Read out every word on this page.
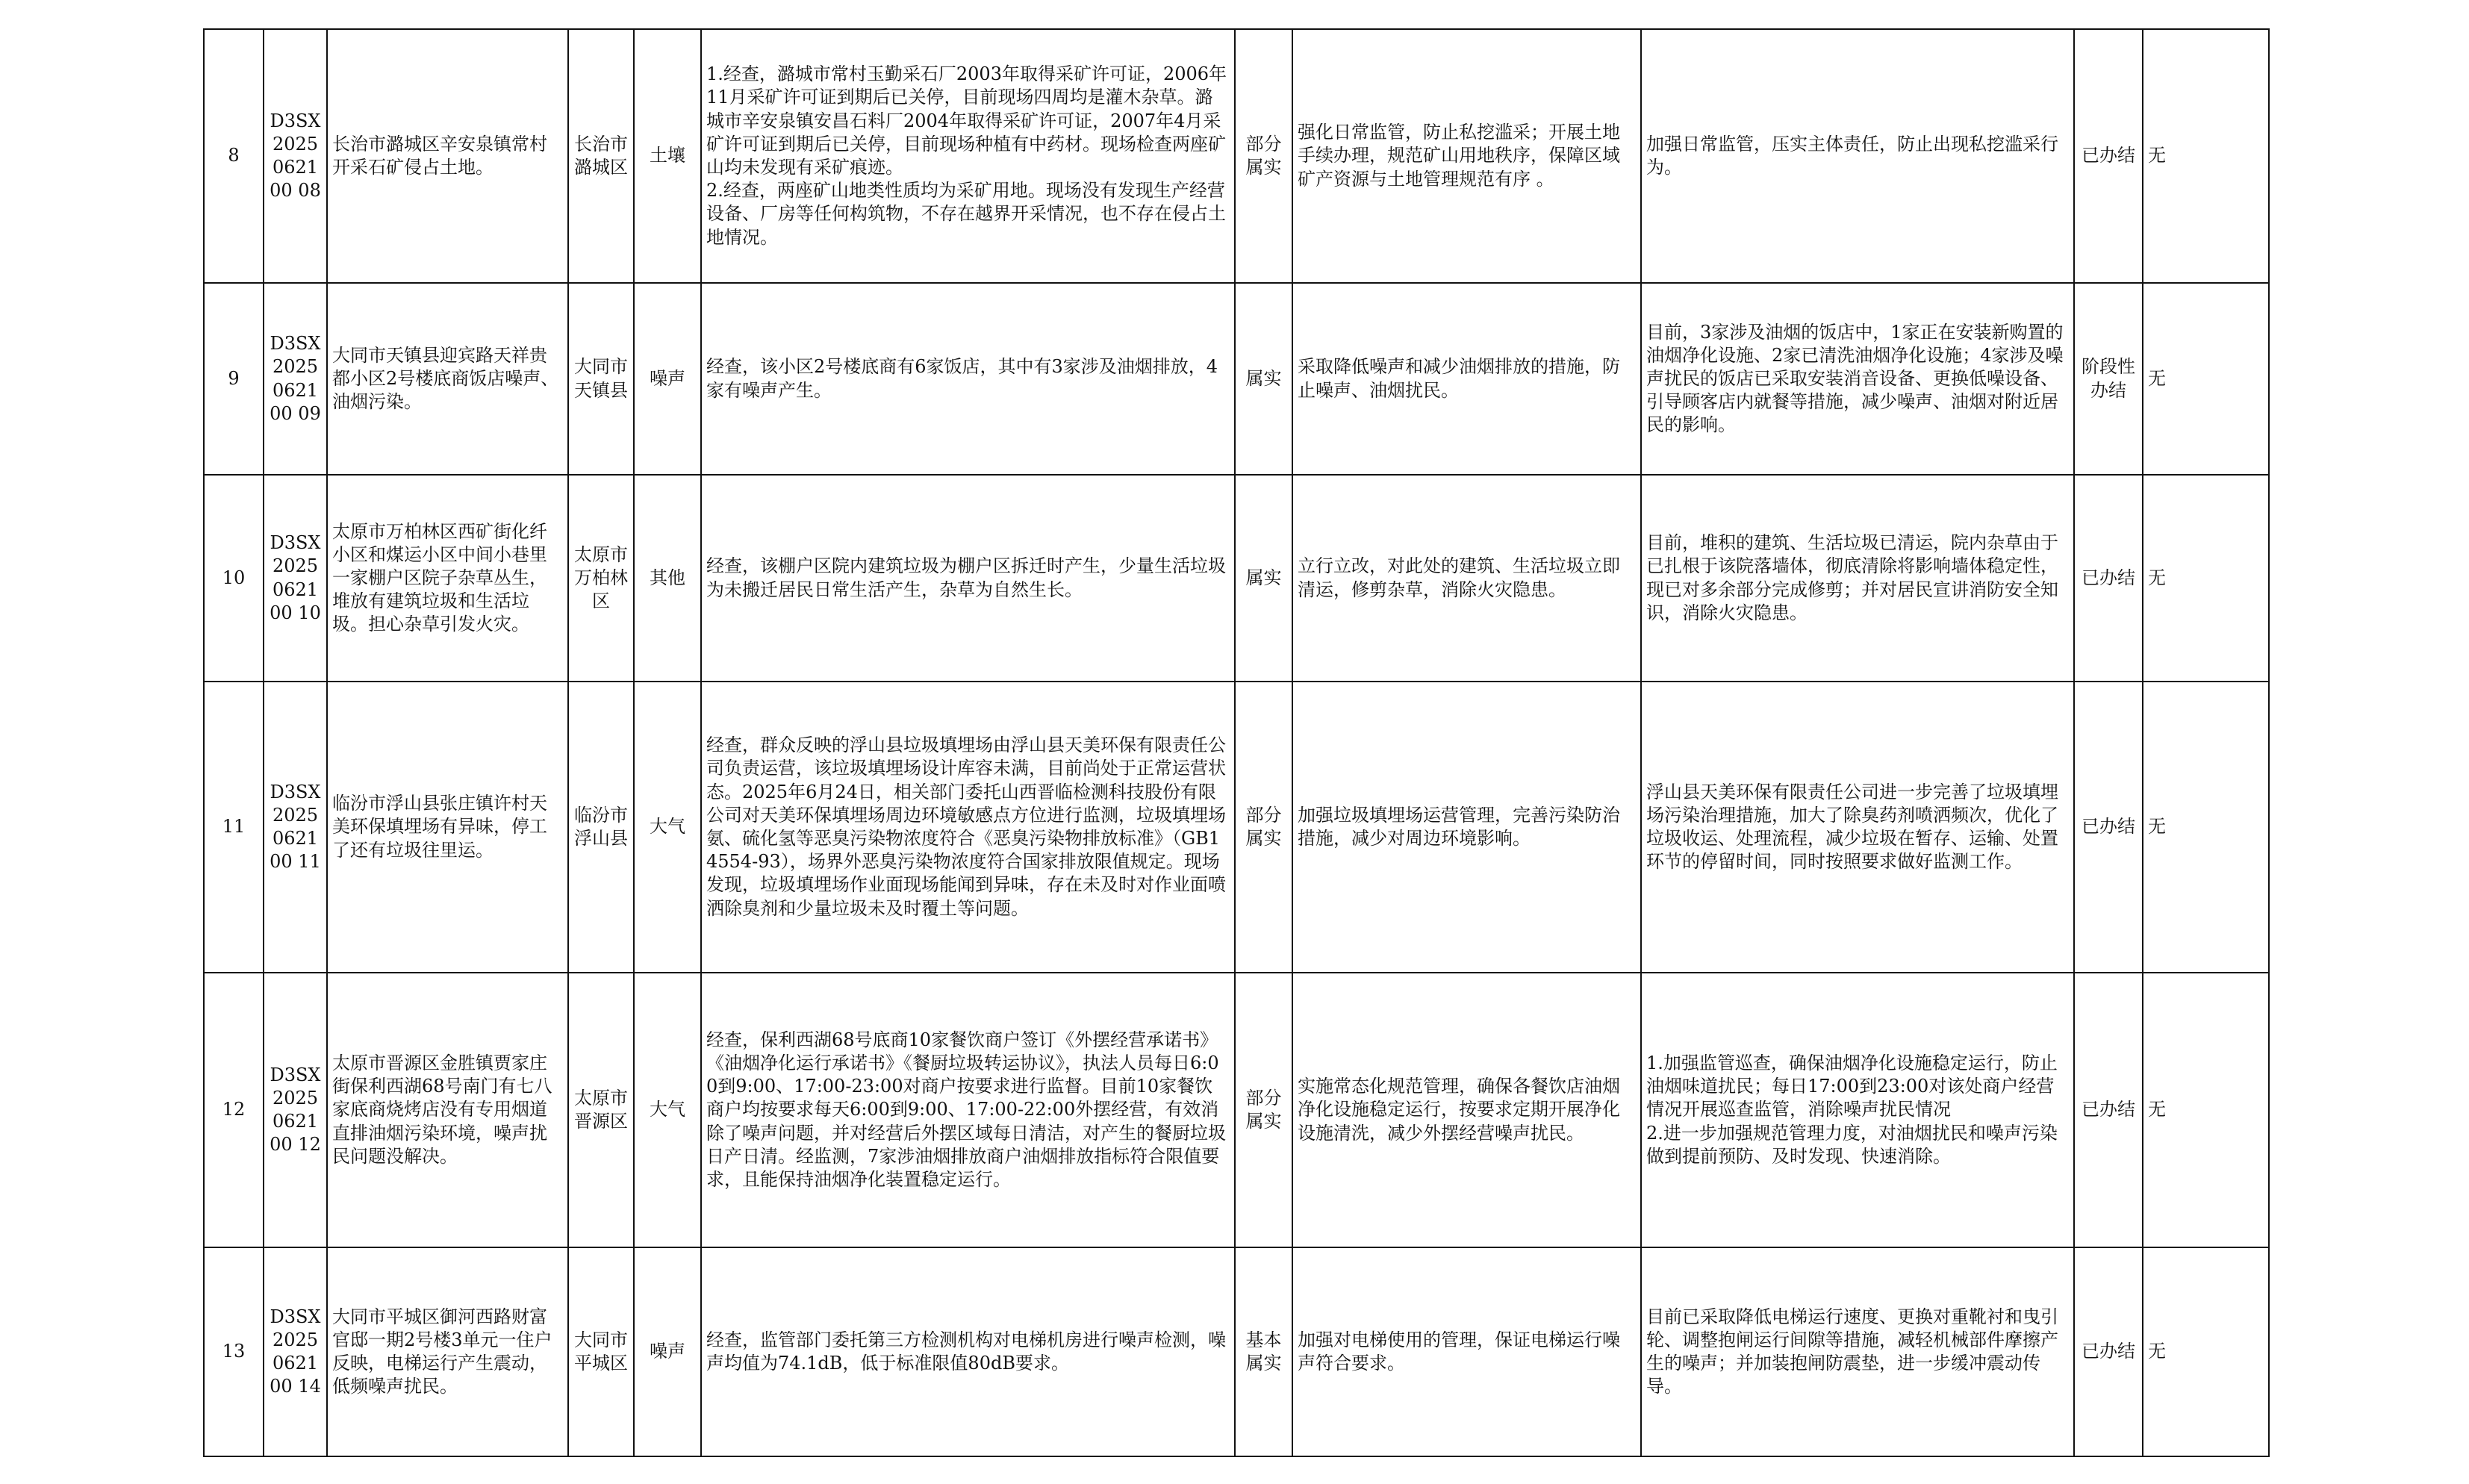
8	D3SX2025062100 08	长治市潞城区辛安泉镇常村开采石矿侵占土地。	长治市潞城区	土壤	1.经查，潞城市常村玉勤采石厂2003年取得采矿许可证，2006年11月采矿许可证到期后已关停，目前现场四周均是灌木杂草。潞城市辛安泉镇安昌石料厂2004年取得采矿许可证，2007年4月采矿许可证到期后已关停，目前现场种植有中药材。现场检查两座矿山均未发现有采矿痕迹。
2.经查，两座矿山地类性质均为采矿用地。现场没有发现生产经营设备、厂房等任何构筑物，不存在越界开采情况，也不存在侵占土地情况。	部分属实	强化日常监管，防止私挖滥采；开展土地手续办理，规范矿山用地秩序，保障区域矿产资源与土地管理规范有序 。	加强日常监管，压实主体责任，防止出现私挖滥采行为。	已办结	无
9	D3SX2025062100 09	大同市天镇县迎宾路天祥贵都小区2号楼底商饭店噪声、油烟污染。	大同市天镇县	噪声	经查，该小区2号楼底商有6家饭店，其中有3家涉及油烟排放，4家有噪声产生。	属实	采取降低噪声和减少油烟排放的措施，防止噪声、油烟扰民。	目前，3家涉及油烟的饭店中，1家正在安装新购置的油烟净化设施、2家已清洗油烟净化设施；4家涉及噪声扰民的饭店已采取安装消音设备、更换低噪设备、引导顾客店内就餐等措施，减少噪声、油烟对附近居民的影响。	阶段性办结	无
10	D3SX2025062100 10	太原市万柏林区西矿街化纤小区和煤运小区中间小巷里一家棚户区院子杂草丛生，堆放有建筑垃圾和生活垃圾。担心杂草引发火灾。	太原市万柏林区	其他	经查，该棚户区院内建筑垃圾为棚户区拆迁时产生，少量生活垃圾为未搬迁居民日常生活产生，杂草为自然生长。	属实	立行立改，对此处的建筑、生活垃圾立即清运，修剪杂草，消除火灾隐患。	目前，堆积的建筑、生活垃圾已清运，院内杂草由于已扎根于该院落墙体，彻底清除将影响墙体稳定性，现已对多余部分完成修剪；并对居民宣讲消防安全知识，消除火灾隐患。	已办结	无
11	D3SX2025062100 11	临汾市浮山县张庄镇许村天美环保填埋场有异味，停工了还有垃圾往里运。	临汾市浮山县	大气	经查，群众反映的浮山县垃圾填埋场由浮山县天美环保有限责任公司负责运营，该垃圾填埋场设计库容未满，目前尚处于正常运营状态。2025年6月24日，相关部门委托山西晋临检测科技股份有限公司对天美环保填埋场周边环境敏感点方位进行监测，垃圾填埋场氨、硫化氢等恶臭污染物浓度符合《恶臭污染物排放标准》（GB14554-93），场界外恶臭污染物浓度符合国家排放限值规定。现场发现，垃圾填埋场作业面现场能闻到异味，存在未及时对作业面喷洒除臭剂和少量垃圾未及时覆土等问题。	部分属实	加强垃圾填埋场运营管理，完善污染防治措施，减少对周边环境影响。	浮山县天美环保有限责任公司进一步完善了垃圾填埋场污染治理措施，加大了除臭药剂喷洒频次，优化了垃圾收运、处理流程，减少垃圾在暂存、运输、处置环节的停留时间，同时按照要求做好监测工作。	已办结	无
12	D3SX2025062100 12	太原市晋源区金胜镇贾家庄街保利西湖68号南门有七八家底商烧烤店没有专用烟道直排油烟污染环境，噪声扰民问题没解决。	太原市晋源区	大气	经查，保利西湖68号底商10家餐饮商户签订《外摆经营承诺书》《油烟净化运行承诺书》《餐厨垃圾转运协议》，执法人员每日6:00到9:00、17:00-23:00对商户按要求进行监督。目前10家餐饮商户均按要求每天6:00到9:00、17:00-22:00外摆经营，有效消除了噪声问题，并对经营后外摆区域每日清洁，对产生的餐厨垃圾日产日清。经监测，7家涉油烟排放商户油烟排放指标符合限值要求，且能保持油烟净化装置稳定运行。	部分属实	实施常态化规范管理，确保各餐饮店油烟净化设施稳定运行，按要求定期开展净化设施清洗，减少外摆经营噪声扰民。	1.加强监管巡查，确保油烟净化设施稳定运行，防止油烟味道扰民；每日17:00到23:00对该处商户经营情况开展巡查监管，消除噪声扰民情况
2.进一步加强规范管理力度，对油烟扰民和噪声污染做到提前预防、及时发现、快速消除。	已办结	无
13	D3SX2025062100 14	大同市平城区御河西路财富官邸一期2号楼3单元一住户反映，电梯运行产生震动，低频噪声扰民。	大同市平城区	噪声	经查，监管部门委托第三方检测机构对电梯机房进行噪声检测，噪声均值为74.1dB，低于标准限值80dB要求。	基本属实	加强对电梯使用的管理，保证电梯运行噪声符合要求。	目前已采取降低电梯运行速度、更换对重靴衬和曳引轮、调整抱闸运行间隙等措施，减轻机械部件摩擦产生的噪声；并加装抱闸防震垫，进一步缓冲震动传导。	已办结	无
